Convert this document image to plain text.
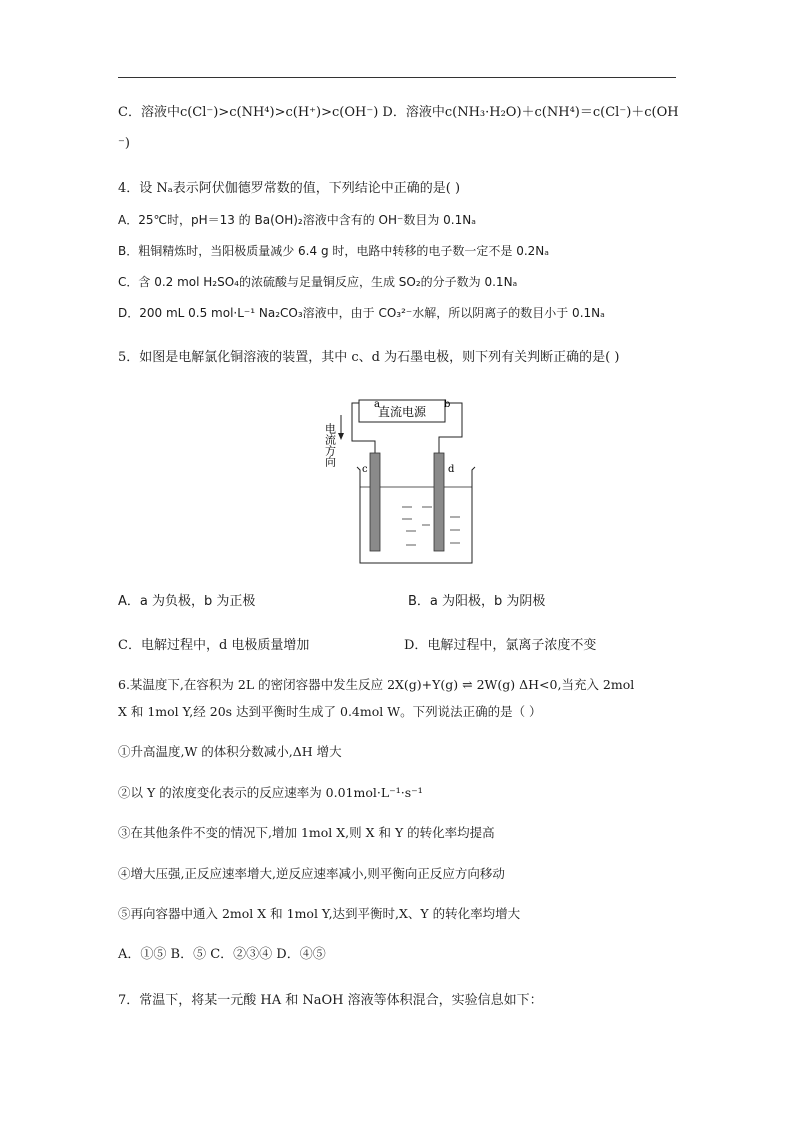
C．溶液中c(Cl⁻)>c(NH⁴)>c(H⁺)>c(OH⁻) D．溶液中c(NH₃·H₂O)＋c(NH⁴)＝c(Cl⁻)＋c(OH
⁻)
4．设 Nₐ表示阿伏伽德罗常数的值，下列结论中正确的是( )
A．25℃时，pH＝13 的 Ba(OH)₂溶液中含有的 OH⁻数目为 0.1Nₐ
B．粗铜精炼时，当阳极质量减少 6.4 g 时，电路中转移的电子数一定不是 0.2Nₐ
C．含 0.2 mol H₂SO₄的浓硫酸与足量铜反应，生成 SO₂的分子数为 0.1Nₐ
D．200 mL 0.5 mol·L⁻¹ Na₂CO₃溶液中，由于 CO₃²⁻水解，所以阴离子的数目小于 0.1Nₐ
5．如图是电解氯化铜溶液的装置，其中 c、d 为石墨电极，则下列有关判断正确的是( )
直流电源
a	b
电流方向
c	d
A．a 为负极，b 为正极	B．a 为阳极，b 为阴极
C．电解过程中，d 电极质量增加	D．电解过程中，氯离子浓度不变
6.某温度下,在容积为 2L 的密闭容器中发生反应 2X(g)+Y(g) ⇌ 2W(g) ΔH<0,当充入 2mol
X 和 1mol Y,经 20s 达到平衡时生成了 0.4mol W。下列说法正确的是（ ）
①升高温度,W 的体积分数减小,ΔH 增大
②以 Y 的浓度变化表示的反应速率为 0.01mol·L⁻¹·s⁻¹
③在其他条件不变的情况下,增加 1mol X,则 X 和 Y 的转化率均提高
④增大压强,正反应速率增大,逆反应速率减小,则平衡向正反应方向移动
⑤再向容器中通入 2mol X 和 1mol Y,达到平衡时,X、Y 的转化率均增大
A．①⑤ B．⑤ C．②③④ D．④⑤
7．常温下，将某一元酸 HA 和 NaOH 溶液等体积混合，实验信息如下：
